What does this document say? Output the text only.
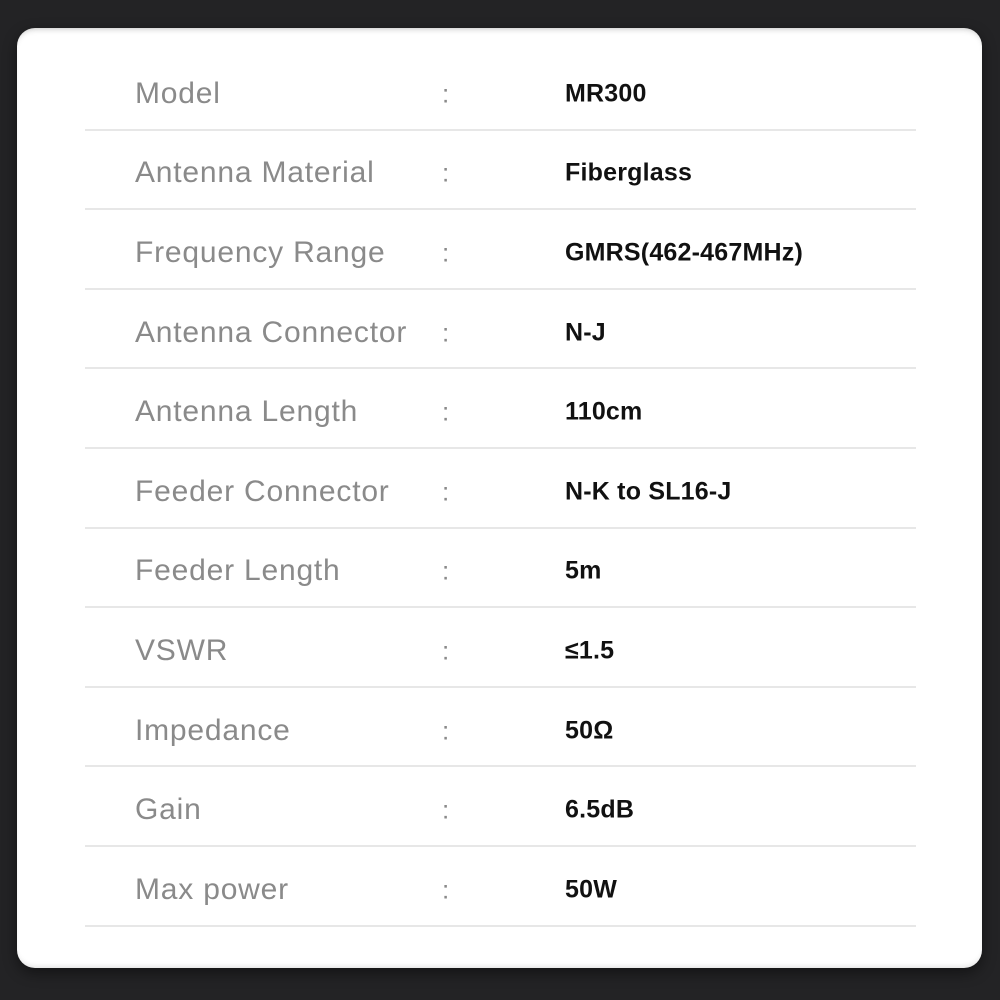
Model	:	MR300
Antenna Material	:	Fiberglass
Frequency Range :	GMRS(462-467MHz)
Antenna Connector :	N-J
Antenna Length	:	110cm
Feeder Connector :	N-K to SL16-J
Feeder Length	:	5m
VSWR	:	≤1.5
Impedance	:	50Ω
Gain	:	6.5dB
Max power	:	50W
